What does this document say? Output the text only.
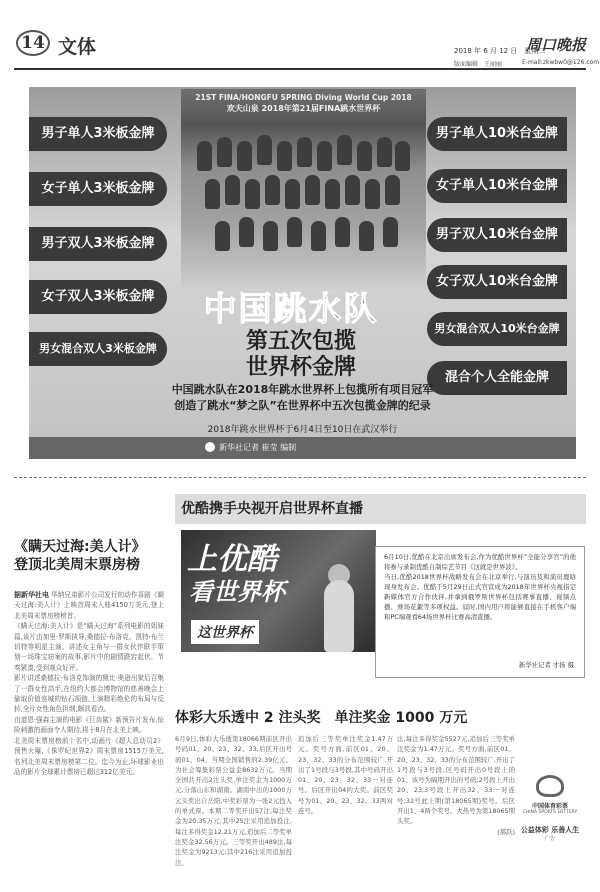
14 文体	2018 年 6 月 12 日　星期二
周口晚报
版面编辑　王丽丽	E-mail:zkwbw0@126.com
21ST FINA/HONGFU SPRING Diving World Cup 2018
欢夫山泉 2018年第21届FINA跳水世界杯
男子单人3米板金牌
女子单人3米板金牌
男子双人3米板金牌
女子双人3米板金牌
男女混合双人3米板金牌
男子单人10米台金牌
女子单人10米台金牌
男子双人10米台金牌
女子双人10米台金牌
男女混合双人10米台金牌
混合个人全能金牌
中国跳水队
第五次包揽
世界杯金牌
中国跳水队在2018年跳水世界杯上包揽所有项目冠军
创造了跳水“梦之队”在世界杯中五次包揽金牌的纪录
2018年跳水世界杯于6月4日至10日在武汉举行
新华社记者 崔莹 编制
《瞒天过海:美人计》
登顶北美周末票房榜
据新华社电 华纳兄弟影片公司发行的动作喜剧《瞒天过海:美人计》上映首周末入账4150万美元,登上北美周末票房榜榜首。
《瞒天过海:美人计》是“瞒天过海”系列电影的姐妹篇,该片由加里·罗斯执导,桑德拉·布洛克、凯特·布兰切特等明星主演。讲述女主角与一群女伙伴联手策划一场珠宝窃案的故事,影片中的剧情跌宕起伏、节奏紧凑,受到观众好评。
影片讲述桑德拉·布洛克饰演的黛比·奥逊出狱后召集了一群女性高手,在纽约大都会博物馆的慈善晚会上偷取价值连城的钻石项链,上演精彩绝伦的布局与反转,全片女性角色担纲,颇具看点。
由道恩·强森主演的电影《巨齿鲨》新预告片发布,惊险刺激的画面令人期待,将于8月在北美上映。
北美周末票房榜前十名中,动画片《超人总动员2》预售火爆,《侏罗纪世界2》周末票房1515万美元,名列北美周末票房榜第二位。迄今为止,环球影业出品的影片全球累计票房已超过312亿美元。
优酷携手央视开启世界杯直播
上优酷
看世界杯
这世界杯
6月10日,优酷在北京出席发布会,作为优酷世界杯“全能分享官”的他将参与录制优酷自制综艺节目《这就是世界波》。
当日,优酷2018世界杯战略发布会在北京举行,与演员及和演员鹿晗现身发布会。优酷于5月29日正式官宣成为2018年世界杯央视指定新媒体官方合作伙伴,并拿到俄罗斯世界杯包括赛事直播、视频点播、赛场花絮等多项权益。届时,国内用户将能够直接在手机客户端和PC端观看64场世界杯比赛高清直播。
新华社记者 才扬 摄
体彩大乐透中 2 注头奖　单注奖金 1000 万元
6月9日,体彩大乐透第18066期前区开出号码01、20、23、32、33,后区开出号码01、04。当期全国销售的2.39亿元。为社会筹集彩票公益金8632万元。当期全国共开出2注头奖,单注奖金为1000万元,分落山东和湖南。湖南中出的1000万元头奖出自岳阳,中奖彩票为一张2元投入的单式票。本期二等奖开出57注,每注奖金为20.35万元;其中25注采用追加投注,每注多得奖金12.21万元,追加后二等奖单注奖金32.56万元。三等奖开出489注,每注奖金为9213元;其中216注采用追加投注。
追加后三等奖单注奖金1.47万元。奖号方面,前区01、20、23、32、33的分布范围较广,开出了1号段与3号段,其中号码开出01、20、23、32、33一对连号。后区开出04的大奖。前区奖号为01、20、23、32、33两对连号。
注,每注多得奖金5527元,追加后三等奖单注奖金为1.47万元。奖号方面,前区01、20、23、32、33的分布范围较广,开出了1号段与3号段,区号码开出0号段上的01、该号为隔期开出的号码;2号段上开出20、23;3号段上开出32、33一对连号;32号此上期(第18065期)奖号。后区开出1、4两个奖号。大热号为第18065期头奖。
(郝跃)
中国体育彩票
CHINA SPORTS LOTTERY
公益体彩 乐善人生
广告
